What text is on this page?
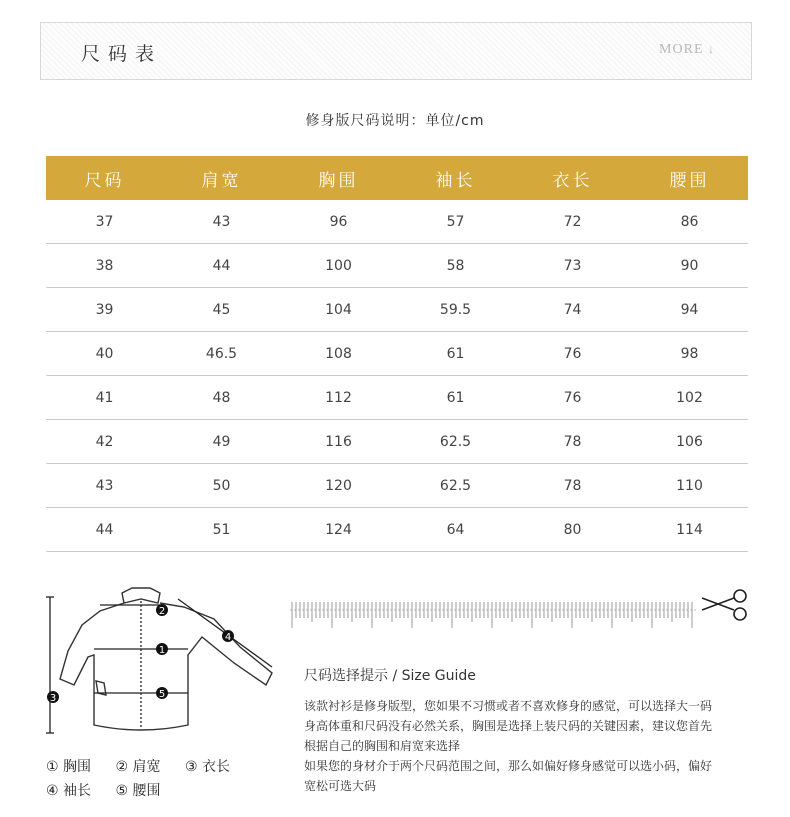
尺码表	MORE ↓
修身版尺码说明：单位/cm
尺码	肩宽	胸围	袖长	衣长	腰围
37	43	96	57	72	86
38	44	100	58	73	90
39	45	104	59.5	74	94
40	46.5	108	61	76	98
41	48	112	61	76	102
42	49	116	62.5	78	106
43	50	120	62.5	78	110
44	51	124	64	80	114
2
1
4
5
3
① 胸围 ② 肩宽 ③ 衣长
④ 袖长 ⑤ 腰围
尺码选择提示 / Size Guide

该款衬衫是修身版型，您如果不习惯或者不喜欢修身的感觉，可以选择大一码

身高体重和尺码没有必然关系，胸围是选择上装尺码的关键因素，建议您首先

根据自己的胸围和肩宽来选择

如果您的身材介于两个尺码范围之间，那么如偏好修身感觉可以选小码，偏好

宽松可选大码
